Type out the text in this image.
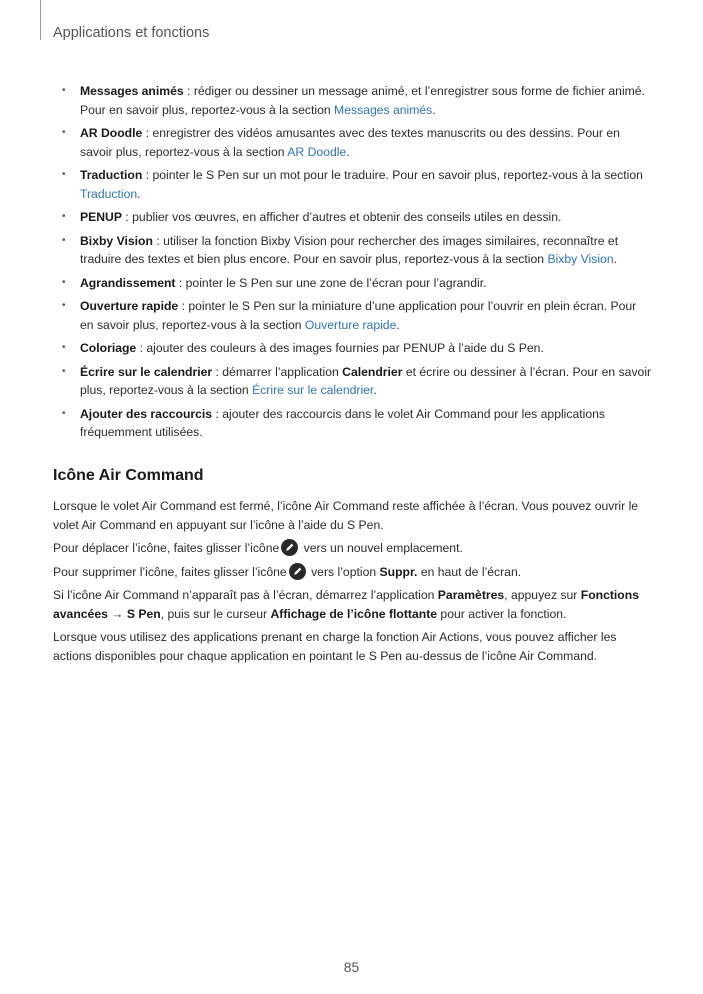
Applications et fonctions
• Messages animés : rédiger ou dessiner un message animé, et l’enregistrer sous forme de fichier animé. Pour en savoir plus, reportez-vous à la section Messages animés.
• AR Doodle : enregistrer des vidéos amusantes avec des textes manuscrits ou des dessins. Pour en savoir plus, reportez-vous à la section AR Doodle.
• Traduction : pointer le S Pen sur un mot pour le traduire. Pour en savoir plus, reportez-vous à la section Traduction.
• PENUP : publier vos œuvres, en afficher d’autres et obtenir des conseils utiles en dessin.
• Bixby Vision : utiliser la fonction Bixby Vision pour rechercher des images similaires, reconnaître et traduire des textes et bien plus encore. Pour en savoir plus, reportez-vous à la section Bixby Vision.
• Agrandissement : pointer le S Pen sur une zone de l’écran pour l’agrandir.
• Ouverture rapide : pointer le S Pen sur la miniature d’une application pour l’ouvrir en plein écran. Pour en savoir plus, reportez-vous à la section Ouverture rapide.
• Coloriage : ajouter des couleurs à des images fournies par PENUP à l’aide du S Pen.
• Écrire sur le calendrier : démarrer l’application Calendrier et écrire ou dessiner à l’écran. Pour en savoir plus, reportez-vous à la section Écrire sur le calendrier.
• Ajouter des raccourcis : ajouter des raccourcis dans le volet Air Command pour les applications fréquemment utilisées.
Icône Air Command

Lorsque le volet Air Command est fermé, l’icône Air Command reste affichée à l’écran. Vous pouvez ouvrir le volet Air Command en appuyant sur l’icône à l’aide du S Pen.

Pour déplacer l’icône, faites glisser l’icône vers un nouvel emplacement.

Pour supprimer l’icône, faites glisser l’icône vers l’option Suppr. en haut de l’écran.

Si l’icône Air Command n’apparaît pas à l’écran, démarrez l’application Paramètres, appuyez sur Fonctions avancées → S Pen, puis sur le curseur Affichage de l’icône flottante pour activer la fonction.

Lorsque vous utilisez des applications prenant en charge la fonction Air Actions, vous pouvez afficher les actions disponibles pour chaque application en pointant le S Pen au-dessus de l’icône Air Command.

85
